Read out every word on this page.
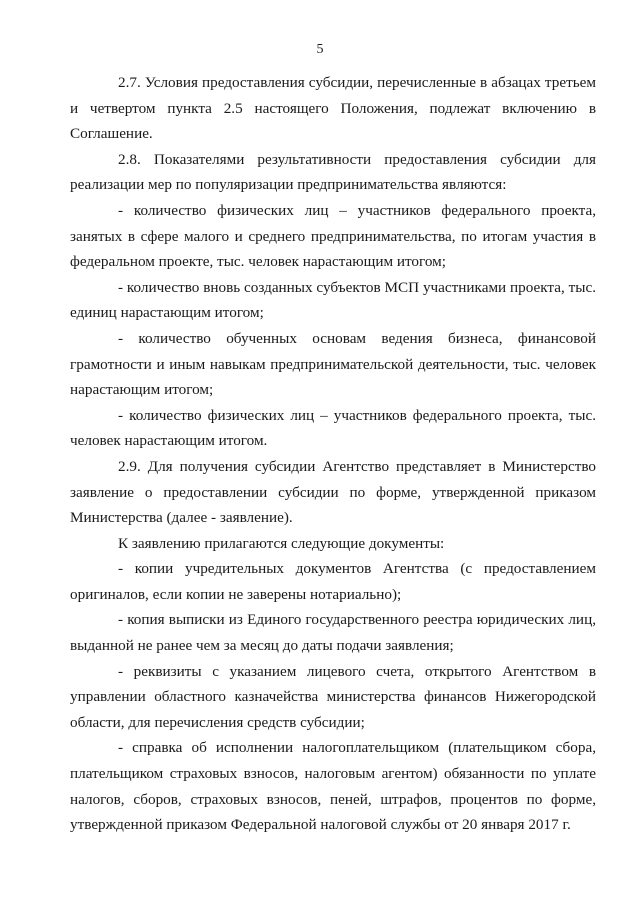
5

2.7. Условия предоставления субсидии, перечисленные в абзацах третьем и четвертом пункта 2.5 настоящего Положения, подлежат включению в Соглашение.

2.8. Показателями результативности предоставления субсидии для реализации мер по популяризации предпринимательства являются:

- количество физических лиц – участников федерального проекта, занятых в сфере малого и среднего предпринимательства, по итогам участия в федеральном проекте, тыс. человек нарастающим итогом;

- количество вновь созданных субъектов МСП участниками проекта, тыс. единиц нарастающим итогом;

- количество обученных основам ведения бизнеса, финансовой грамотности и иным навыкам предпринимательской деятельности, тыс. человек нарастающим итогом;

- количество физических лиц – участников федерального проекта, тыс. человек нарастающим итогом.

2.9. Для получения субсидии Агентство представляет в Министерство заявление о предоставлении субсидии по форме, утвержденной приказом Министерства (далее - заявление).

К заявлению прилагаются следующие документы:

- копии учредительных документов Агентства (с предоставлением оригиналов, если копии не заверены нотариально);

- копия выписки из Единого государственного реестра юридических лиц, выданной не ранее чем за месяц до даты подачи заявления;

- реквизиты с указанием лицевого счета, открытого Агентством в управлении областного казначейства министерства финансов Нижегородской области, для перечисления средств субсидии;

- справка об исполнении налогоплательщиком (плательщиком сбора, плательщиком страховых взносов, налоговым агентом) обязанности по уплате налогов, сборов, страховых взносов, пеней, штрафов, процентов по форме, утвержденной приказом Федеральной налоговой службы от 20 января 2017 г.
